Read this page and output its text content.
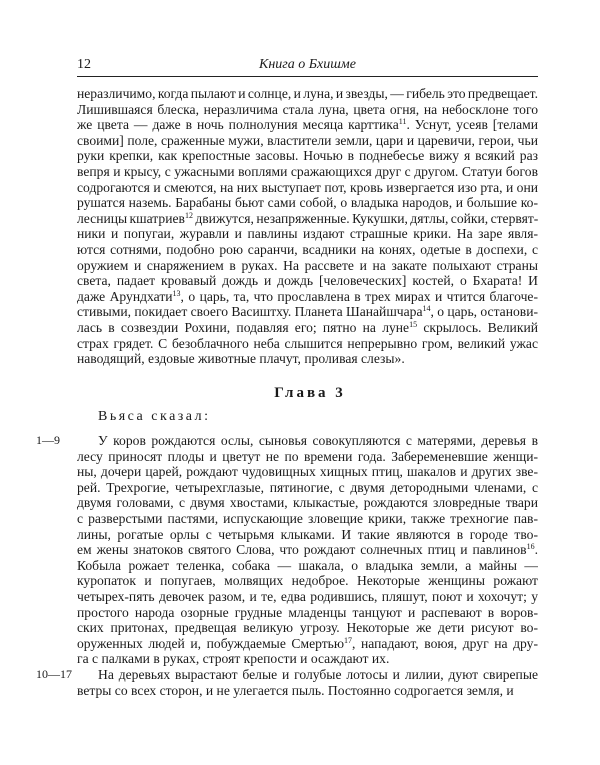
12	Книга о Бхишме
неразличимо, когда пылают и солнце, и луна, и звезды, — гибель это предвещает.
Лишившаяся блеска, неразличима стала луна, цвета огня, на небосклоне того
же цвета — даже в ночь полнолуния месяца карттика$^{11}$. Уснут, усеяв [телами
своими] поле, сраженные мужи, властители земли, цари и царевичи, герои, чьи
руки крепки, как крепостные засовы. Ночью в поднебесье вижу я всякий раз
вепря и крысу, с ужасными воплями сражающихся друг с другом. Статуи богов
содрогаются и смеются, на них выступает пот, кровь извергается изо рта, и они
рушатся наземь. Барабаны бьют сами собой, о владыка народов, и большие ко-
лесницы кшатриев$^{12}$ движутся, незапряженные. Кукушки, дятлы, сойки, стервят-
ники и попугаи, журавли и павлины издают страшные крики. На заре явля-
ются сотнями, подобно рою саранчи, всадники на конях, одетые в доспехи, с
оружием и снаряжением в руках. На рассвете и на закате полыхают страны
света, падает кровавый дождь и дождь [человеческих] костей, о Бхарата! И
даже Арундхати$^{13}$, о царь, та, что прославлена в трех мирах и чтится благоче-
стивыми, покидает своего Васиштху. Планета Шанайшчара$^{14}$, о царь, останови-
лась в созвездии Рохини, подавляя его; пятно на луне$^{15}$ скрылось. Великий
страх грядет. С безоблачного неба слышится непрерывно гром, великий ужас
наводящий, ездовые животные плачут, проливая слезы».
Глава 3
Вьяса сказал:
1—9
10—17
У коров рождаются ослы, сыновья совокупляются с матерями, деревья в
лесу приносят плоды и цветут не по времени года. Забеременевшие женщи-
ны, дочери царей, рождают чудовищных хищных птиц, шакалов и других зве-
рей. Трехрогие, четырехглазые, пятиногие, с двумя детородными членами, с
двумя головами, с двумя хвостами, клыкастые, рождаются зловредные твари
с разверстыми пастями, испускающие зловещие крики, также трехногие пав-
лины, рогатые орлы с четырьмя клыками. И такие являются в городе тво-
ем жены знатоков святого Слова, что рождают солнечных птиц и павлинов$^{16}$.
Кобыла рожает теленка, собака — шакала, о владыка земли, а майны —
куропаток и попугаев, молвящих недоброе. Некоторые женщины рожают
четырех-пять девочек разом, и те, едва родившись, пляшут, поют и хохочут; у
простого народа озорные грудные младенцы танцуют и распевают в воров-
ских притонах, предвещая великую угрозу. Некоторые же дети рисуют во-
оруженных людей и, побуждаемые Смертью$^{17}$, нападают, воюя, друг на дру-
га с палками в руках, строят крепости и осаждают их.
На деревьях вырастают белые и голубые лотосы и лилии, дуют свирепые
ветры со всех сторон, и не улегается пыль. Постоянно содрогается земля, и
